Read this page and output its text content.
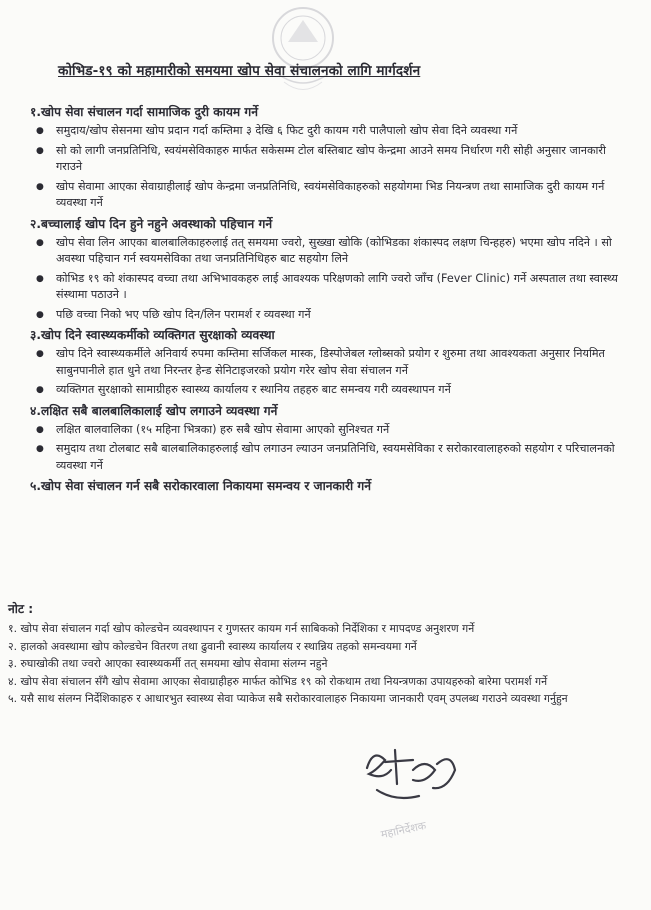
कोभिड-१९ को महामारीको समयमा खोप सेवा संचालनको लागि मार्गदर्शन

१.खोप सेवा संचालन गर्दा सामाजिक दुरी कायम गर्ने

● समुदाय/खोप सेसनमा खोप प्रदान गर्दा कम्तिमा ३ देखि ६ फिट दुरी कायम गरी पालैपालो खोप सेवा दिने व्यवस्था गर्ने
● सो को लागी जनप्रतिनिधि, स्वयंमसेविकाहरु मार्फत सकेसम्म टोल बस्तिबाट खोप केन्द्रमा आउने समय निर्धारण गरी सोही अनुसार जानकारी गराउने
● खोप सेवामा आएका सेवाग्राहीलाई खोप केन्द्रमा जनप्रतिनिधि, स्वयंमसेविकाहरुको सहयोगमा भिड नियन्त्रण तथा सामाजिक दुरी कायम गर्न व्यवस्था गर्ने

२.बच्चालाई खोप दिन हुने नहुने अवस्थाको पहिचान गर्ने

● खोप सेवा लिन आएका बालबालिकाहरुलाई तत् समयमा ज्वरो, सुख्खा खोकि (कोभिडका शंकास्पद लक्षण चिन्हहरु) भएमा खोप नदिने । सो अवस्था पहिचान गर्न स्वयमसेविका तथा जनप्रतिनिधिहरु बाट सहयोग लिने
● कोभिड १९ को शंकास्पद वच्चा तथा अभिभावकहरु लाई आवश्यक परिक्षणको लागि ज्वरो जाँच (Fever Clinic) गर्ने अस्पताल तथा स्वास्थ्य संस्थामा पठाउने ।
● पछि वच्चा निको भए पछि खोप दिन/लिन परामर्श र व्यवस्था गर्ने

३.खोप दिने स्वास्थ्यकर्मीको व्यक्तिगत सुरक्षाको व्यवस्था

● खोप दिने स्वास्थ्यकर्मीले अनिवार्य रुपमा कम्तिमा सर्जिकल मास्क, डिस्पोजेबल ग्लोब्सको प्रयोग र शुरुमा तथा आवश्यकता अनुसार नियमित साबुनपानीले हात धुने तथा निरन्तर हेन्ड सेनिटाइजरको प्रयोग गरेर खोप सेवा संचालन गर्ने
● व्यक्तिगत सुरक्षाको सामाग्रीहरु स्वास्थ्य कार्यालय र स्थानिय तहहरु बाट समन्वय गरी व्यवस्थापन गर्ने

४.लक्षित सबै बालबालिकालाई खोप लगाउने व्यवस्था गर्ने

● लक्षित बालवालिका (१५ महिना भित्रका) हरु सबै खोप सेवामा आएको सुनिश्चत गर्ने
● समुदाय तथा टोलबाट सबै बालबालिकाहरुलाई खोप लगाउन ल्याउन जनप्रतिनिधि, स्वयमसेविका र सरोकारवालाहरुको सहयोग र परिचालनको व्यवस्था गर्ने

५.खोप सेवा संचालन गर्न सबै सरोकारवाला निकायमा समन्वय र जानकारी गर्ने

नोट :

१. खोप सेवा संचालन गर्दा खोप कोल्डचेन व्यवस्थापन र गुणस्तर कायम गर्न साबिकको निर्देशिका र मापदण्ड अनुशरण गर्ने

२. हालको अवस्थामा खोप कोल्डचेन वितरण तथा ढुवानी स्वास्थ्य कार्यालय र स्थान्निय तहको समन्वयमा गर्ने

३. रुघाखोकी तथा ज्वरो आएका स्वास्थ्यकर्मी तत् समयमा खोप सेवामा संलग्न नहुने

४. खोप सेवा संचालन सँगै खोप सेवामा आएका सेवाग्राहीहरु मार्फत कोभिड १९ को रोकथाम तथा नियन्त्रणका उपायहरुको बारेमा परामर्श गर्ने

५. यसै साथ संलग्न निर्देशिकाहरु र आधारभुत स्वास्थ्य सेवा प्याकेज सबै सरोकारवालाहरु निकायमा जानकारी एवम् उपलब्ध गराउने व्यवस्था गर्नुहुन

महानिर्देशक
